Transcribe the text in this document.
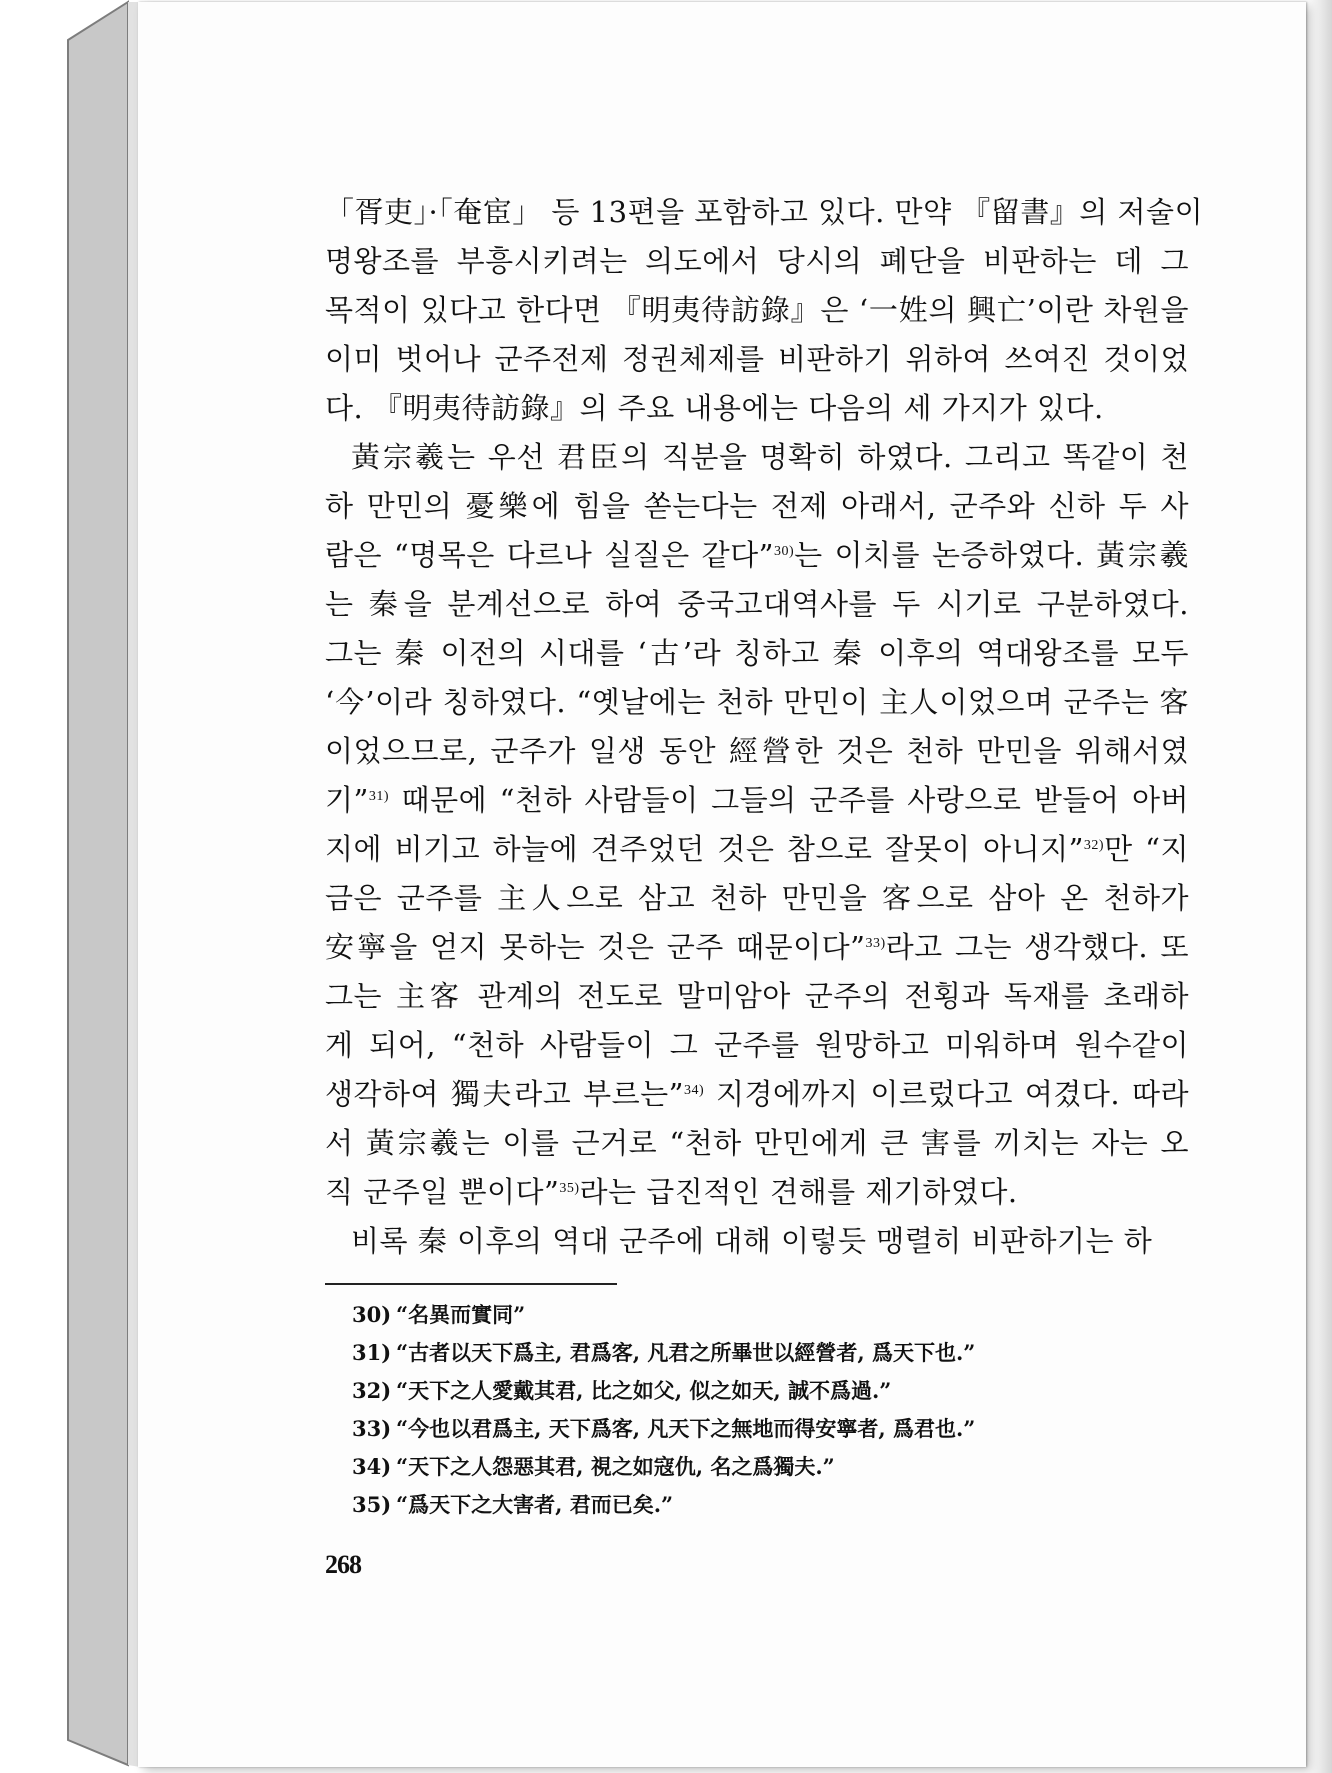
「胥吏」·「奄宦」 등 13편을 포함하고 있다. 만약 『留書』의 저술이
명왕조를 부흥시키려는 의도에서 당시의 폐단을 비판하는 데 그
목적이 있다고 한다면 『明夷待訪錄』은 ‘一姓의 興亡’이란 차원을
이미 벗어나 군주전제 정권체제를 비판하기 위하여 쓰여진 것이었
다. 『明夷待訪錄』의 주요 내용에는 다음의 세 가지가 있다.
黃宗羲는 우선 君臣의 직분을 명확히 하였다. 그리고 똑같이 천
하 만민의 憂樂에 힘을 쏟는다는 전제 아래서, 군주와 신하 두 사
람은 “명목은 다르나 실질은 같다”$^{30)}$는 이치를 논증하였다. 黃宗羲
는 秦을 분계선으로 하여 중국고대역사를 두 시기로 구분하였다.
그는 秦 이전의 시대를 ‘古’라 칭하고 秦 이후의 역대왕조를 모두
‘今’이라 칭하였다. “옛날에는 천하 만민이 主人이었으며 군주는 客
이었으므로, 군주가 일생 동안 經營한 것은 천하 만민을 위해서였
기”$^{31)}$ 때문에 “천하 사람들이 그들의 군주를 사랑으로 받들어 아버
지에 비기고 하늘에 견주었던 것은 참으로 잘못이 아니지”$^{32)}$만 “지
금은 군주를 主人으로 삼고 천하 만민을 客으로 삼아 온 천하가
安寧을 얻지 못하는 것은 군주 때문이다”$^{33)}$라고 그는 생각했다. 또
그는 主客 관계의 전도로 말미암아 군주의 전횡과 독재를 초래하
게 되어, “천하 사람들이 그 군주를 원망하고 미워하며 원수같이
생각하여 獨夫라고 부르는”$^{34)}$ 지경에까지 이르렀다고 여겼다. 따라
서 黃宗羲는 이를 근거로 “천하 만민에게 큰 害를 끼치는 자는 오
직 군주일 뿐이다”$^{35)}$라는 급진적인 견해를 제기하였다.
비록 秦 이후의 역대 군주에 대해 이렇듯 맹렬히 비판하기는 하
30) “名異而實同”
31) “古者以天下爲主, 君爲客, 凡君之所畢世以經營者, 爲天下也.”
32) “天下之人愛戴其君, 比之如父, 似之如天, 誠不爲過.”
33) “今也以君爲主, 天下爲客, 凡天下之無地而得安寧者, 爲君也.”
34) “天下之人怨惡其君, 視之如寇仇, 名之爲獨夫.”
35) “爲天下之大害者, 君而已矣.”
268
